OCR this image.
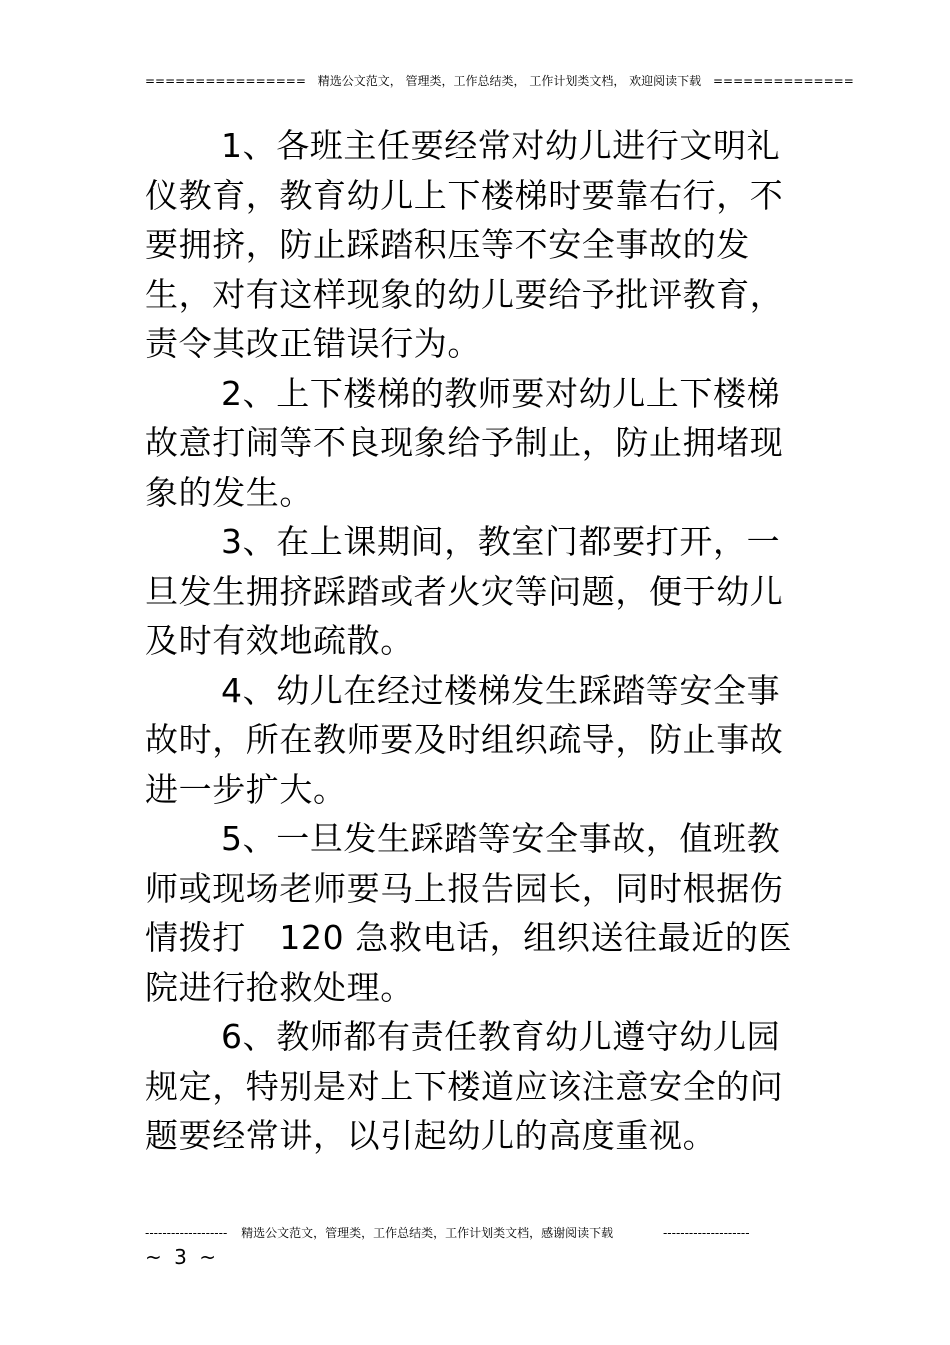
================ 精选公文范文， 管理类，工作总结类， 工作计划类文档， 欢迎阅读下载 ==============

1、各班主任要经常对幼儿进行文明礼仪教育，教育幼儿上下楼梯时要靠右行，不要拥挤，防止踩踏积压等不安全事故的发生，对有这样现象的幼儿要给予批评教育，责令其改正错误行为。

2、上下楼梯的教师要对幼儿上下楼梯故意打闹等不良现象给予制止，防止拥堵现象的发生。

3、在上课期间，教室门都要打开，一旦发生拥挤踩踏或者火灾等问题，便于幼儿及时有效地疏散。

4、幼儿在经过楼梯发生踩踏等安全事故时，所在教师要及时组织疏导，防止事故进一步扩大。

5、一旦发生踩踏等安全事故，值班教师或现场老师要马上报告园长，同时根据伤情拨打　120 急救电话，组织送往最近的医院进行抢救处理。

6、教师都有责任教育幼儿遵守幼儿园规定，特别是对上下楼道应该注意安全的问题要经常讲，以引起幼儿的高度重视。

------------------- 精选公文范文，管理类，工作总结类，工作计划类文档，感谢阅读下载	--------------------
~ 3 ~
